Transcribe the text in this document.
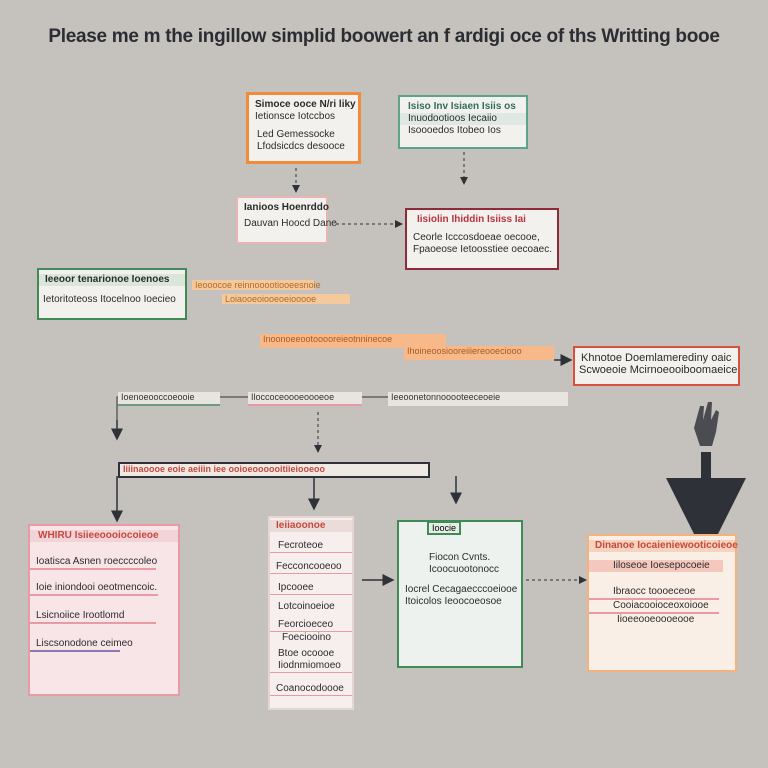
Please me m the ingillow simplid boowert an f ardigi oce of ths Writting booe
Simoce ooce N/ri liky
Ietionsce Iotccbos
Led Gemessocke
Lfodsicdcs desooce
Isiso Inv Isiaen Isiis os
Inuodootioos Iecaiio
Isoooedos Itobeo Ios
Ianioos Hoenrddo
Dauvan Hoocd Dane	Iisiolin Ihiddin Isiiss Iai
Ceorle Icccosdoeae oecooe,
Fpaoeose Ietoosstiee oecoaec.
Ieeoor tenarionoe Ioenoes
Ietoritoteoss Itocelnoo Ioecieo
Ieooocoe reinnooootiooeesnoie
Loiaooeoiooeoeiooooe
Inoonoeeootooooreieotnninecoe
Ihoineoosiooreiiiereooeciooo
Khnotoe Doemlamerediny oaic
Scwoeoie Mcirnoeooiboomaeice
Ioenoeooccoeooie	Iloccoceoooeoooeoe	Ieeoonetonnooooteeceoeie
Iiiinaoooe eoie aeiiin iee ooioeoooooitiieiooeoo
WHIRU Isiieeoooiocoieoe
Ioatisca Asnen roeccccoleo
Ioie iniondooi oeotmencoic.
Lsicnoiice Irootlomd
Liscsonodone ceimeo
Ieiiaoonoe
Fecroteoe
Fecconcooeoo
Ipcooee
Lotcoinoeioe
Feorcioeceo
Foeciooino
Btoe ocoooe
Iiodnmiomoeo
Coanocodoooe
Ioocie
Fiocon Cvnts.
Icoocuootonocc
Iocrel Cecagaecccoeiooe
Itoicolos Ieoocoeosoe
Dinanoe Iocaieniewooticoieoe
Iiloseoe Ioesepocoeie
Ibraocc toooeceoe
Cooiacooioceoxoiooe
Iioeeooeoooeooe
